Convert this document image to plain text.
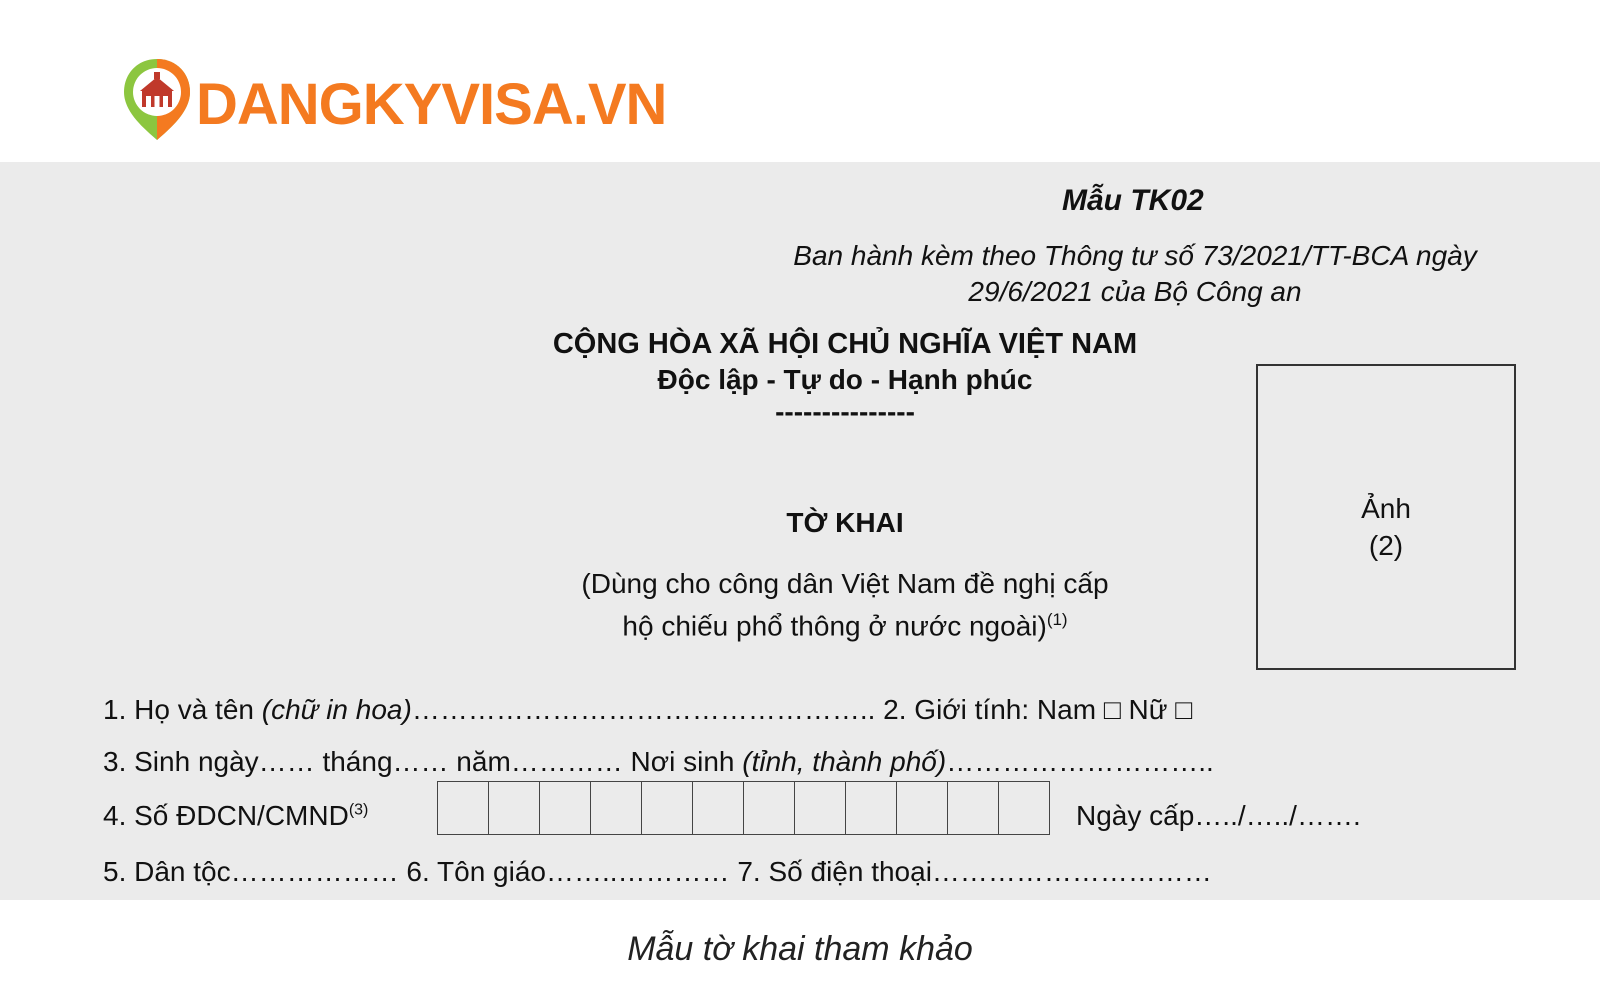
DANGKYVISA.VN
Mẫu TK02
Ban hành kèm theo Thông tư số 73/2021/TT-BCA ngày 29/6/2021 của Bộ Công an
CỘNG HÒA XÃ HỘI CHỦ NGHĨA VIỆT NAM
Độc lập - Tự do - Hạnh phúc
---------------
TỜ KHAI
(Dùng cho công dân Việt Nam đề nghị cấp
hộ chiếu phổ thông ở nước ngoài)$^{(1)}$
Ảnh
(2)
1. Họ và tên (chữ in hoa)………………………………………….. 2. Giới tính: Nam □ Nữ □
3. Sinh ngày…… tháng…… năm………… Nơi sinh (tỉnh, thành phố)………………………..
4. Số ĐDCN/CMND$^{(3)}$	Ngày cấp…../…../…….
5. Dân tộc……………… 6. Tôn giáo……..………… 7. Số điện thoại…………………………
Mẫu tờ khai tham khảo
